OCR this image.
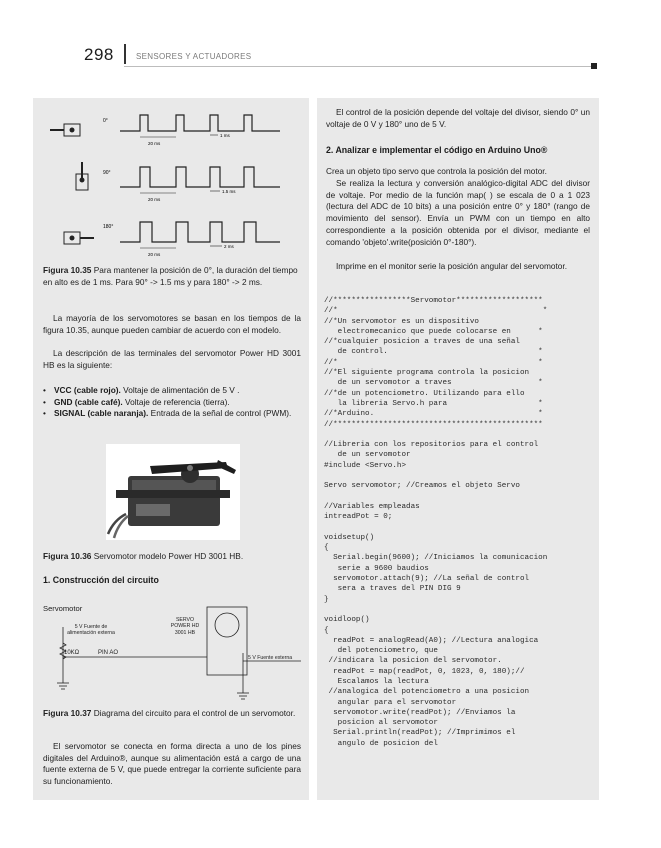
298	SENSORES Y ACTUADORES
0°
90°
180°
20 ms
20 ms
20 ms
1 ms
1.5 ms
2 ms
Figura 10.35 Para mantener la posición de 0°, la duración del tiempo en alto es de 1 ms. Para 90° -> 1.5 ms y para 180° -> 2 ms.
La mayoría de los servomotores se basan en los tiempos de la figura 10.35, aunque pueden cambiar de acuerdo con el modelo.
La descripción de las terminales del servomotor Power HD 3001 HB es la siguiente:
• VCC (cable rojo). Voltaje de alimentación de 5 V .
• GND (cable café). Voltaje de referencia (tierra).
• SIGNAL (cable naranja). Entrada de la señal de control (PWM).
Figura 10.36 Servomotor modelo Power HD 3001 HB.
1. Construcción del circuito
Servomotor
5 V Fuente de alimentación externa
10KΩ	PIN AO
SERVO POWER HD 3001 HB
5 V Fuente externa
Figura 10.37 Diagrama del circuito para el control de un servomotor.
El servomotor se conecta en forma directa a uno de los pines digitales del Arduino®, aunque su alimentación está a cargo de una fuente externa de 5 V, que puede entregar la corriente suficiente para su funcionamiento.
El control de la posición depende del voltaje del divisor, siendo 0° un voltaje de 0 V y 180° uno de 5 V.
2. Analizar e implementar el código en Arduino Uno®
Crea un objeto tipo servo que controla la posición del motor.
Se realiza la lectura y conversión analógico-digital ADC del divisor de voltaje. Por medio de la función map( ) se escala de 0 a 1 023 (lectura del ADC de 10 bits) a una posición entre 0° y 180° (rango de movimiento del sensor). Envía un PWM con un tiempo en alto correspondiente a la posición obtenida por el divisor, mediante el comando 'objeto'.write(posición 0°-180°).
Imprime en el monitor serie la posición angular del servomotor.
//*****************Servomotor*******************
//*                                             *
//*Un servomotor es un dispositivo
electromecanico que puede colocarse en      *
//*cualquier posicion a traves de una señal
de control.                                 *
//*                                            *
//*El siguiente programa controla la posicion
de un servomotor a traves                   *
//*de un potenciometro. Utilizando para ello
la libreria Servo.h para                    *
//*Arduino.                                    *
//**********************************************
//Libreria con los repositorios para el control
de un servomotor
#include <Servo.h>
Servo servomotor; //Creamos el objeto Servo
//Variables empleadas
intreadPot = 0;
voidsetup()
{
Serial.begin(9600); //Iniciamos la comunicacion
serie a 9600 baudios
servomotor.attach(9); //La señal de control
sera a traves del PIN DIG 9
}
voidloop()
{
readPot = analogRead(A0); //Lectura analogica
del potenciometro, que
//indicara la posicion del servomotor.
readPot = map(readPot, 0, 1023, 0, 180);//
Escalamos la lectura
//analogica del potenciometro a una posicion
angular para el servomotor
servomotor.write(readPot); //Enviamos la
posicion al servomotor
Serial.println(readPot); //Imprimimos el
angulo de posicion del
